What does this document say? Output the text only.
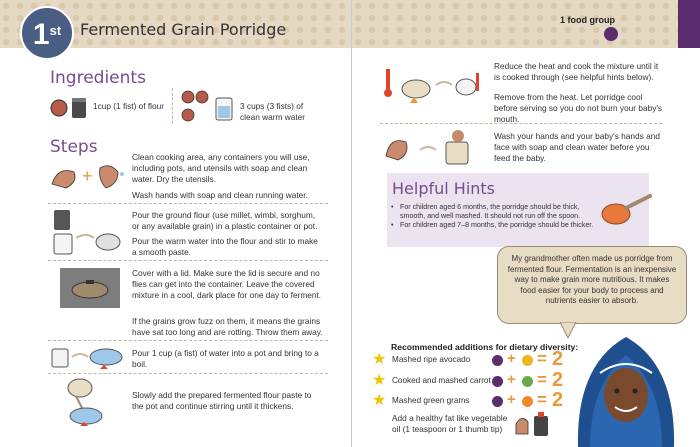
1st	Fermented Grain Porridge	1 food group
Ingredients
1cup (1 fist) of flour	3 cups (3 fists) of clean warm water
Steps
+
Clean cooking area, any containers you will use, including pots, and utensils with soap and clean water. Dry the utensils.
Wash hands with soap and clean running water.
Pour the ground flour (use millet, wimbi, sorghum, or any available grain) in a plastic container or pot.
Pour the warm water into the flour and stir to make a smooth paste.
Cover with a lid. Make sure the lid is secure and no flies can get into the container. Leave the covered mixture in a cool, dark place for one day to ferment.
If the grains grow fuzz on them, it means the grains have sat too long and are rotting. Throw them away.
Pour 1 cup (a fist) of water into a pot and bring to a boil.
Slowly add the prepared fermented flour paste to the pot and continue stirring until it thickens.
Reduce the heat and cook the mixture until it is cooked through (see helpful hints below).
Remove from the heat. Let porridge cool before serving so you do not burn your baby's mouth.
Wash your hands and your baby's hands and face with soap and clean water before you feed the baby.
Helpful Hints
• For children aged 6 months, the porridge should be thick, smooth, and well mashed. It should not run off the spoon.
• For children aged 7–8 months, the porridge should be thicker.
My grandmother often made us porridge from fermented flour. Fermentation is an inexpensive way to make grain more nutritious. It makes food easier for your body to process and nutrients easier to absorb.
Recommended additions for dietary diversity:
★ Mashed ripe avocado + = 2
★ Cooked and mashed carrot + = 2
★ Mashed green grams	+ = 2
Add a healthy fat like vegetable oil (1 teaspoon or 1 thumb tip)
